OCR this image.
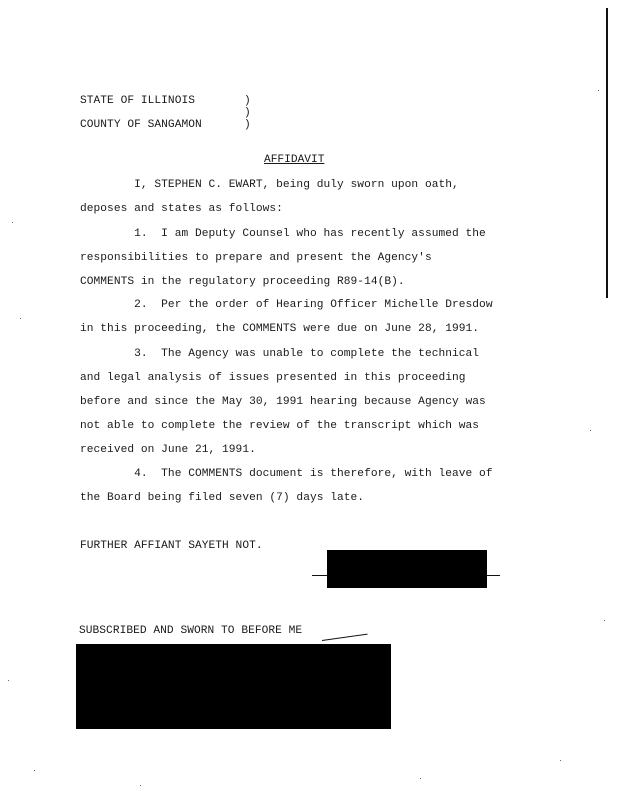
STATE OF ILLINOIS	)
)
COUNTY OF SANGAMON	)
AFFIDAVIT
I, STEPHEN C. EWART, being duly sworn upon oath,
deposes and states as follows:
1.  I am Deputy Counsel who has recently assumed the
responsibilities to prepare and present the Agency's
COMMENTS in the regulatory proceeding R89-14(B).
2.  Per the order of Hearing Officer Michelle Dresdow
in this proceeding, the COMMENTS were due on June 28, 1991.
3.  The Agency was unable to complete the technical
and legal analysis of issues presented in this proceeding
before and since the May 30, 1991 hearing because Agency was
not able to complete the review of the transcript which was
received on June 21, 1991.
4.  The COMMENTS document is therefore, with leave of
the Board being filed seven (7) days late.
FURTHER AFFIANT SAYETH NOT.
SUBSCRIBED AND SWORN TO BEFORE ME
